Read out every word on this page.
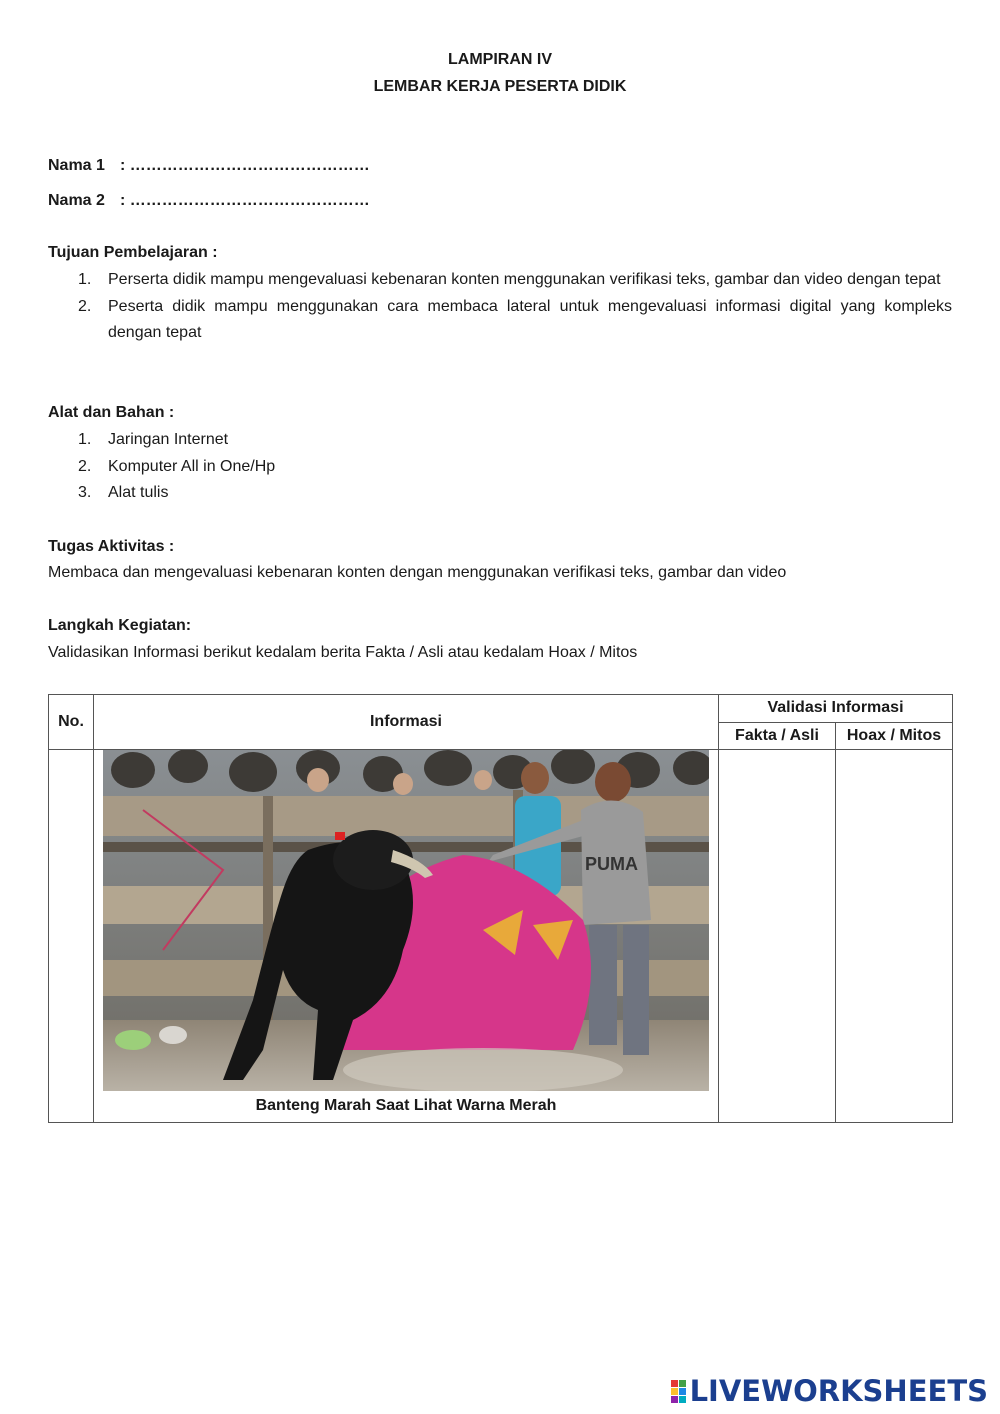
LAMPIRAN IV
LEMBAR KERJA PESERTA DIDIK
Nama 1 : ………………………………………
Nama 2 : ………………………………………
Tujuan Pembelajaran :
1.	Perserta didik mampu mengevaluasi kebenaran konten menggunakan verifikasi teks, gambar dan video dengan tepat
2.	Peserta didik mampu menggunakan cara membaca lateral untuk mengevaluasi informasi digital yang kompleks dengan tepat
Alat dan Bahan :
1.	Jaringan Internet
2.	Komputer All in One/Hp
3.	Alat tulis
Tugas Aktivitas :
Membaca dan mengevaluasi kebenaran konten dengan menggunakan verifikasi teks, gambar dan video
Langkah Kegiatan:
Validasikan Informasi berikut kedalam berita Fakta / Asli atau kedalam Hoax / Mitos
No.	Informasi	Validasi Informasi	
		Fakta / Asli	Hoax / Mitos

PUMA
Banteng Marah Saat Lihat Warna Merah		

LIVEWORKSHEETS
